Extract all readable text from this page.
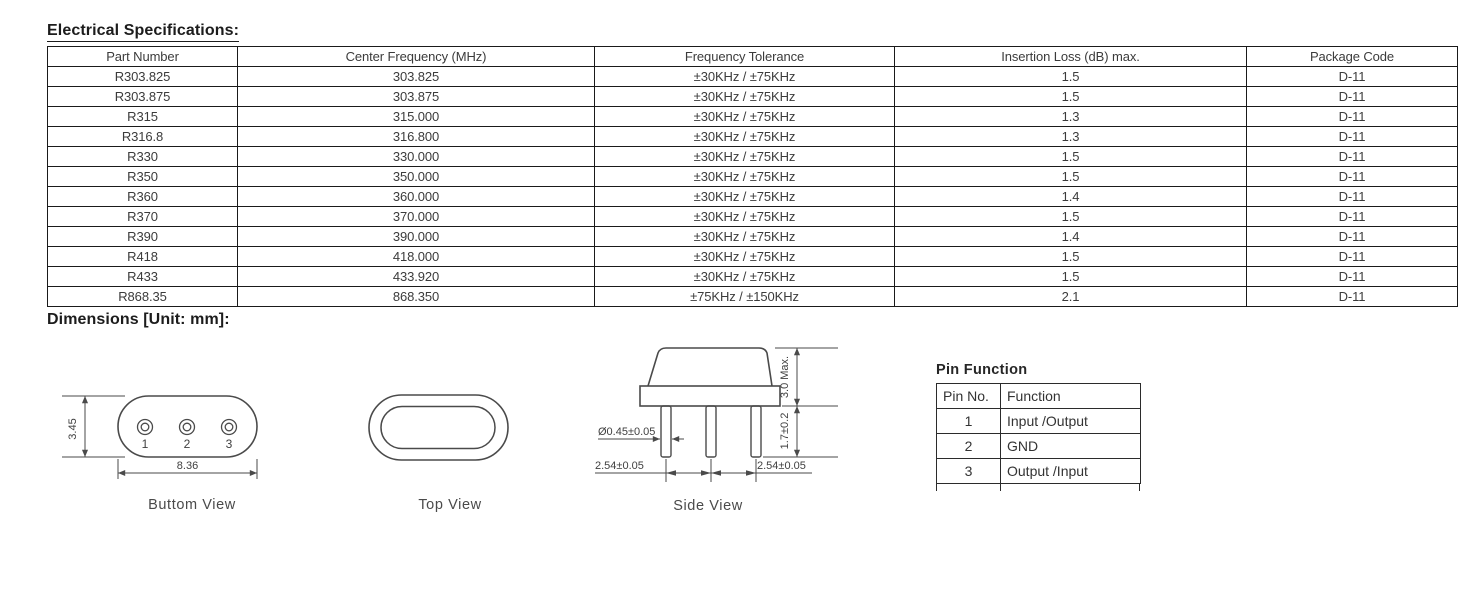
Electrical Specifications:
Part Number	Center Frequency (MHz)	Frequency Tolerance	Insertion Loss (dB) max.	Package Code
R303.825	303.825	±30KHz / ±75KHz	1.5	D-11
R303.875	303.875	±30KHz / ±75KHz	1.5	D-11
R315	315.000	±30KHz / ±75KHz	1.3	D-11
R316.8	316.800	±30KHz / ±75KHz	1.3	D-11
R330	330.000	±30KHz / ±75KHz	1.5	D-11
R350	350.000	±30KHz / ±75KHz	1.5	D-11
R360	360.000	±30KHz / ±75KHz	1.4	D-11
R370	370.000	±30KHz / ±75KHz	1.5	D-11
R390	390.000	±30KHz / ±75KHz	1.4	D-11
R418	418.000	±30KHz / ±75KHz	1.5	D-11
R433	433.920	±30KHz / ±75KHz	1.5	D-11
R868.35	868.350	±75KHz / ±150KHz	2.1	D-11
Dimensions [Unit: mm]:
3.45
8.36
1	2	3
Buttom View	Top View
Ø0.45±0.05
3.0 Max.
1.7±0.2
2.54±0.05	2.54±0.05
Side View
Pin Function
Pin No.	Function
1	Input /Output
2	GND
3	Output /Input
